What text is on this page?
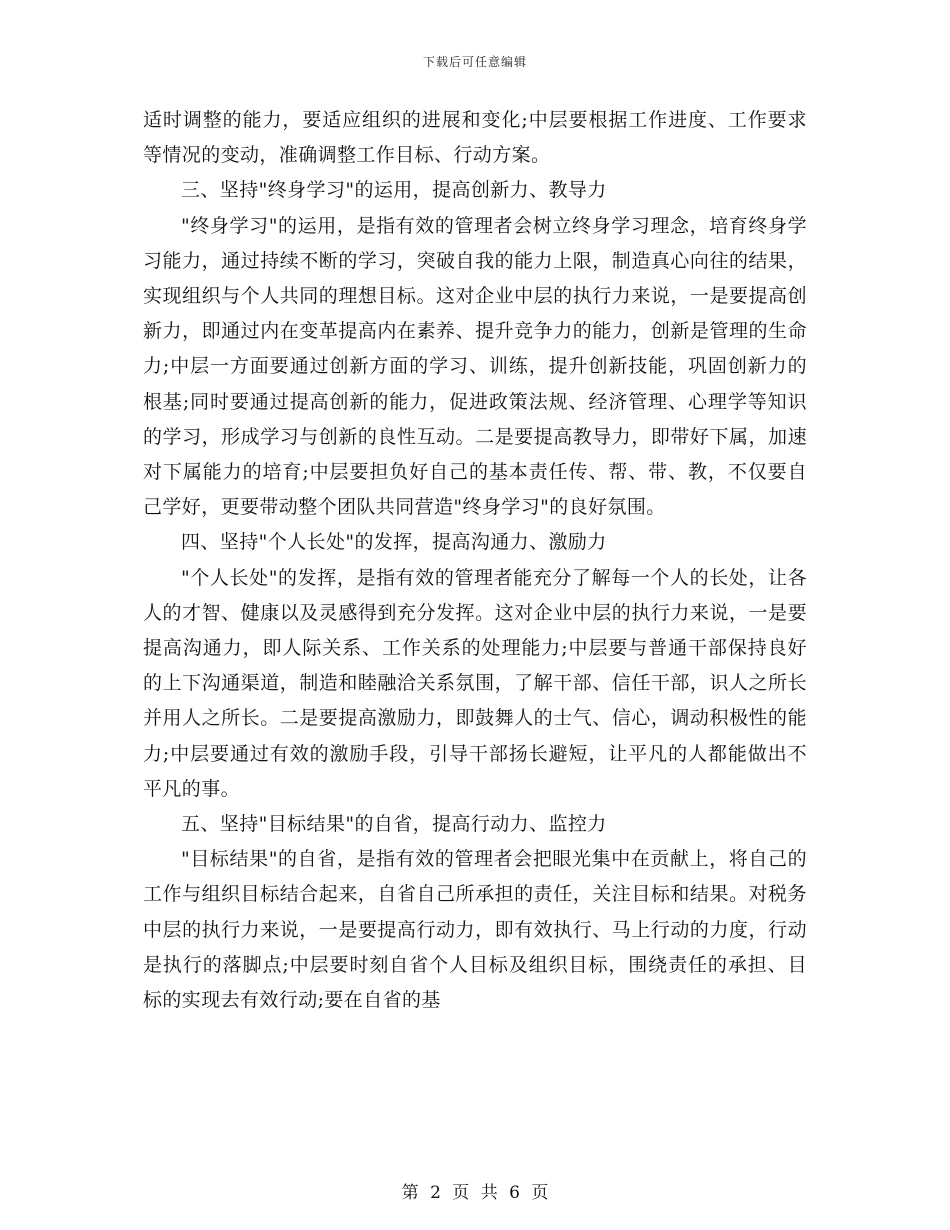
下载后可任意编辑

适时调整的能力，要适应组织的进展和变化;中层要根据工作进度、工作要求等情况的变动，准确调整工作目标、行动方案。

三、坚持"终身学习"的运用，提高创新力、教导力

"终身学习"的运用，是指有效的管理者会树立终身学习理念，培育终身学习能力，通过持续不断的学习，突破自我的能力上限，制造真心向往的结果，实现组织与个人共同的理想目标。这对企业中层的执行力来说，一是要提高创新力，即通过内在变革提高内在素养、提升竞争力的能力，创新是管理的生命力;中层一方面要通过创新方面的学习、训练，提升创新技能，巩固创新力的根基;同时要通过提高创新的能力，促进政策法规、经济管理、心理学等知识的学习，形成学习与创新的良性互动。二是要提高教导力，即带好下属，加速对下属能力的培育;中层要担负好自己的基本责任传、帮、带、教，不仅要自己学好，更要带动整个团队共同营造"终身学习"的良好氛围。

四、坚持"个人长处"的发挥，提高沟通力、激励力

"个人长处"的发挥，是指有效的管理者能充分了解每一个人的长处，让各人的才智、健康以及灵感得到充分发挥。这对企业中层的执行力来说，一是要提高沟通力，即人际关系、工作关系的处理能力;中层要与普通干部保持良好的上下沟通渠道，制造和睦融洽关系氛围，了解干部、信任干部，识人之所长并用人之所长。二是要提高激励力，即鼓舞人的士气、信心，调动积极性的能力;中层要通过有效的激励手段，引导干部扬长避短，让平凡的人都能做出不平凡的事。

五、坚持"目标结果"的自省，提高行动力、监控力

"目标结果"的自省，是指有效的管理者会把眼光集中在贡献上，将自己的工作与组织目标结合起来，自省自己所承担的责任，关注目标和结果。对税务中层的执行力来说，一是要提高行动力，即有效执行、马上行动的力度，行动是执行的落脚点;中层要时刻自省个人目标及组织目标，围绕责任的承担、目标的实现去有效行动;要在自省的基

第 2 页 共 6 页
